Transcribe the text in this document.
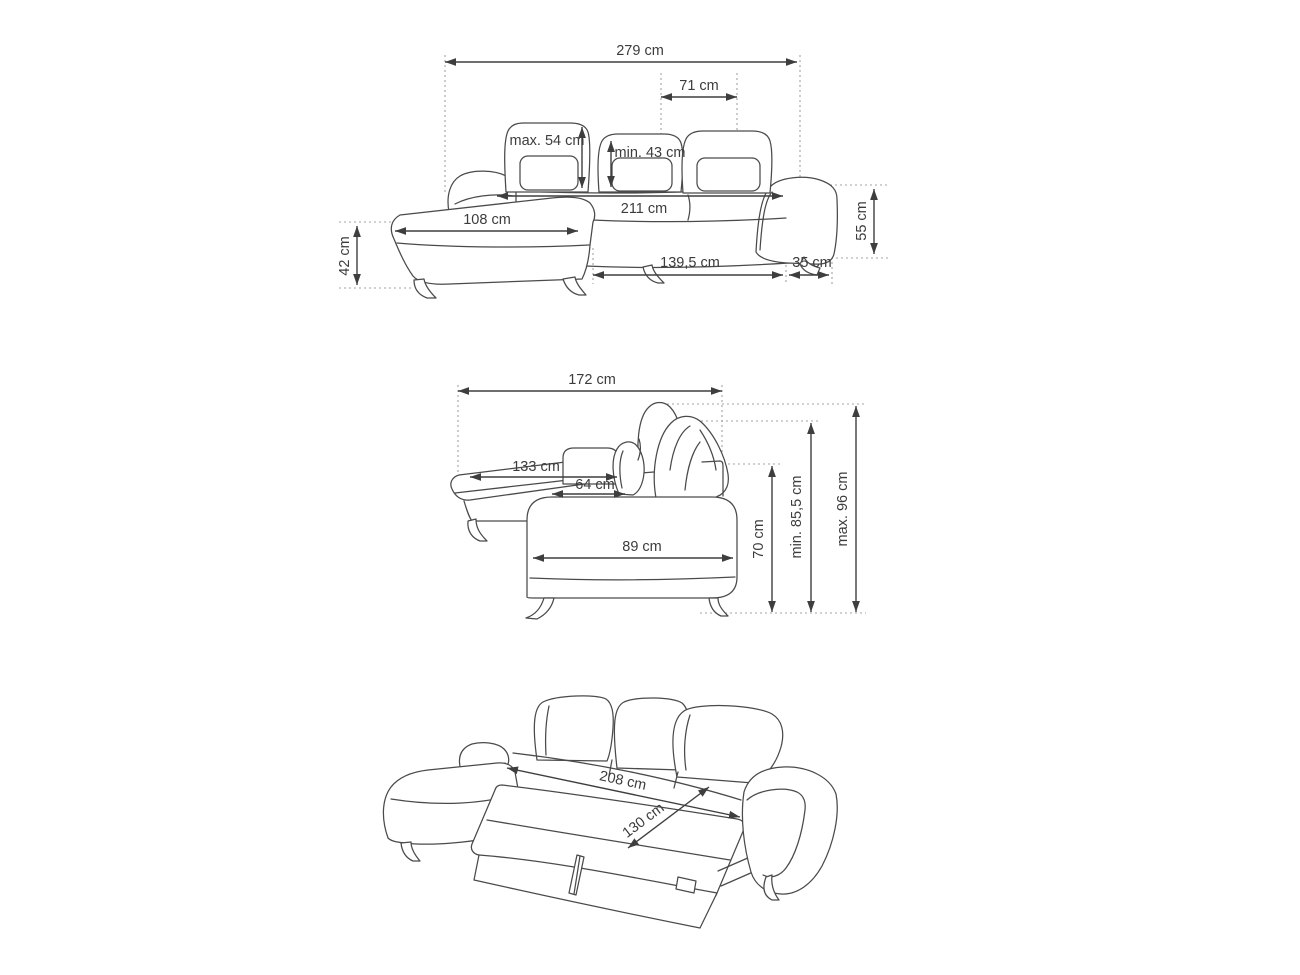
279 cm
71 cm
max. 54 cm
min. 43 cm
211 cm
108 cm
42 cm
55 cm
139,5 cm	35 cm
172 cm
133 cm
64 cm
89 cm	70 cm min. 85,5 cm max. 96 cm
208 cm
130 cm
